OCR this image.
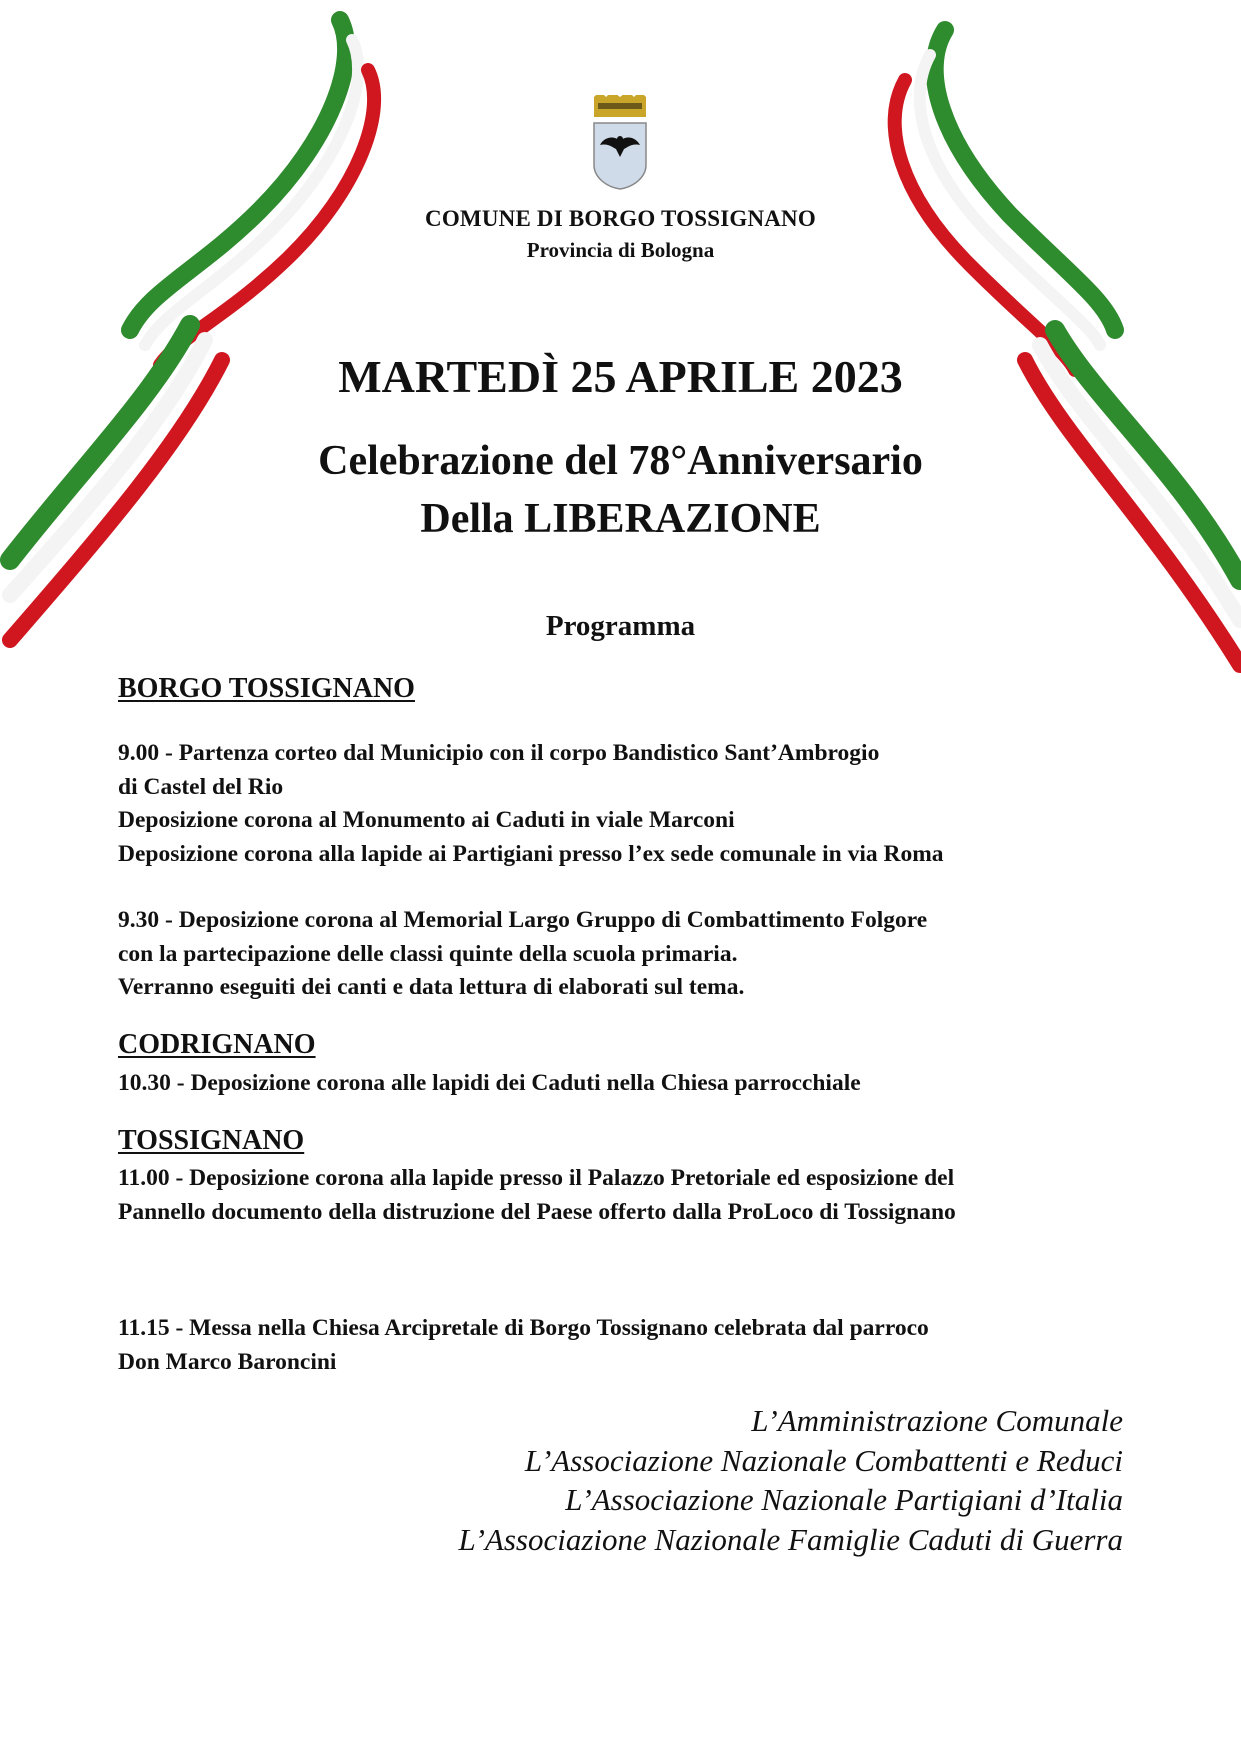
COMUNE DI BORGO TOSSIGNANO
Provincia di Bologna
MARTEDÌ 25 APRILE 2023
Celebrazione del 78°Anniversario
Della LIBERAZIONE
Programma
BORGO TOSSIGNANO
9.00 - Partenza corteo dal Municipio con il corpo Bandistico Sant’Ambrogio
di Castel del Rio
Deposizione corona al Monumento ai Caduti in viale Marconi
Deposizione corona alla lapide ai Partigiani presso l’ex sede comunale in via Roma
9.30 - Deposizione corona al Memorial Largo Gruppo di Combattimento Folgore
con la partecipazione delle classi quinte della scuola primaria.
Verranno eseguiti dei canti e data lettura di elaborati sul tema.
CODRIGNANO
10.30 - Deposizione corona alle lapidi dei Caduti nella Chiesa parrocchiale
TOSSIGNANO
11.00 - Deposizione corona alla lapide presso il Palazzo Pretoriale ed esposizione del
Pannello documento della distruzione del Paese offerto dalla ProLoco di Tossignano
11.15 - Messa nella Chiesa Arcipretale di Borgo Tossignano celebrata dal parroco
Don Marco Baroncini
L’Amministrazione Comunale
L’Associazione Nazionale Combattenti e Reduci
L’Associazione Nazionale Partigiani d’Italia
L’Associazione Nazionale Famiglie Caduti di Guerra
